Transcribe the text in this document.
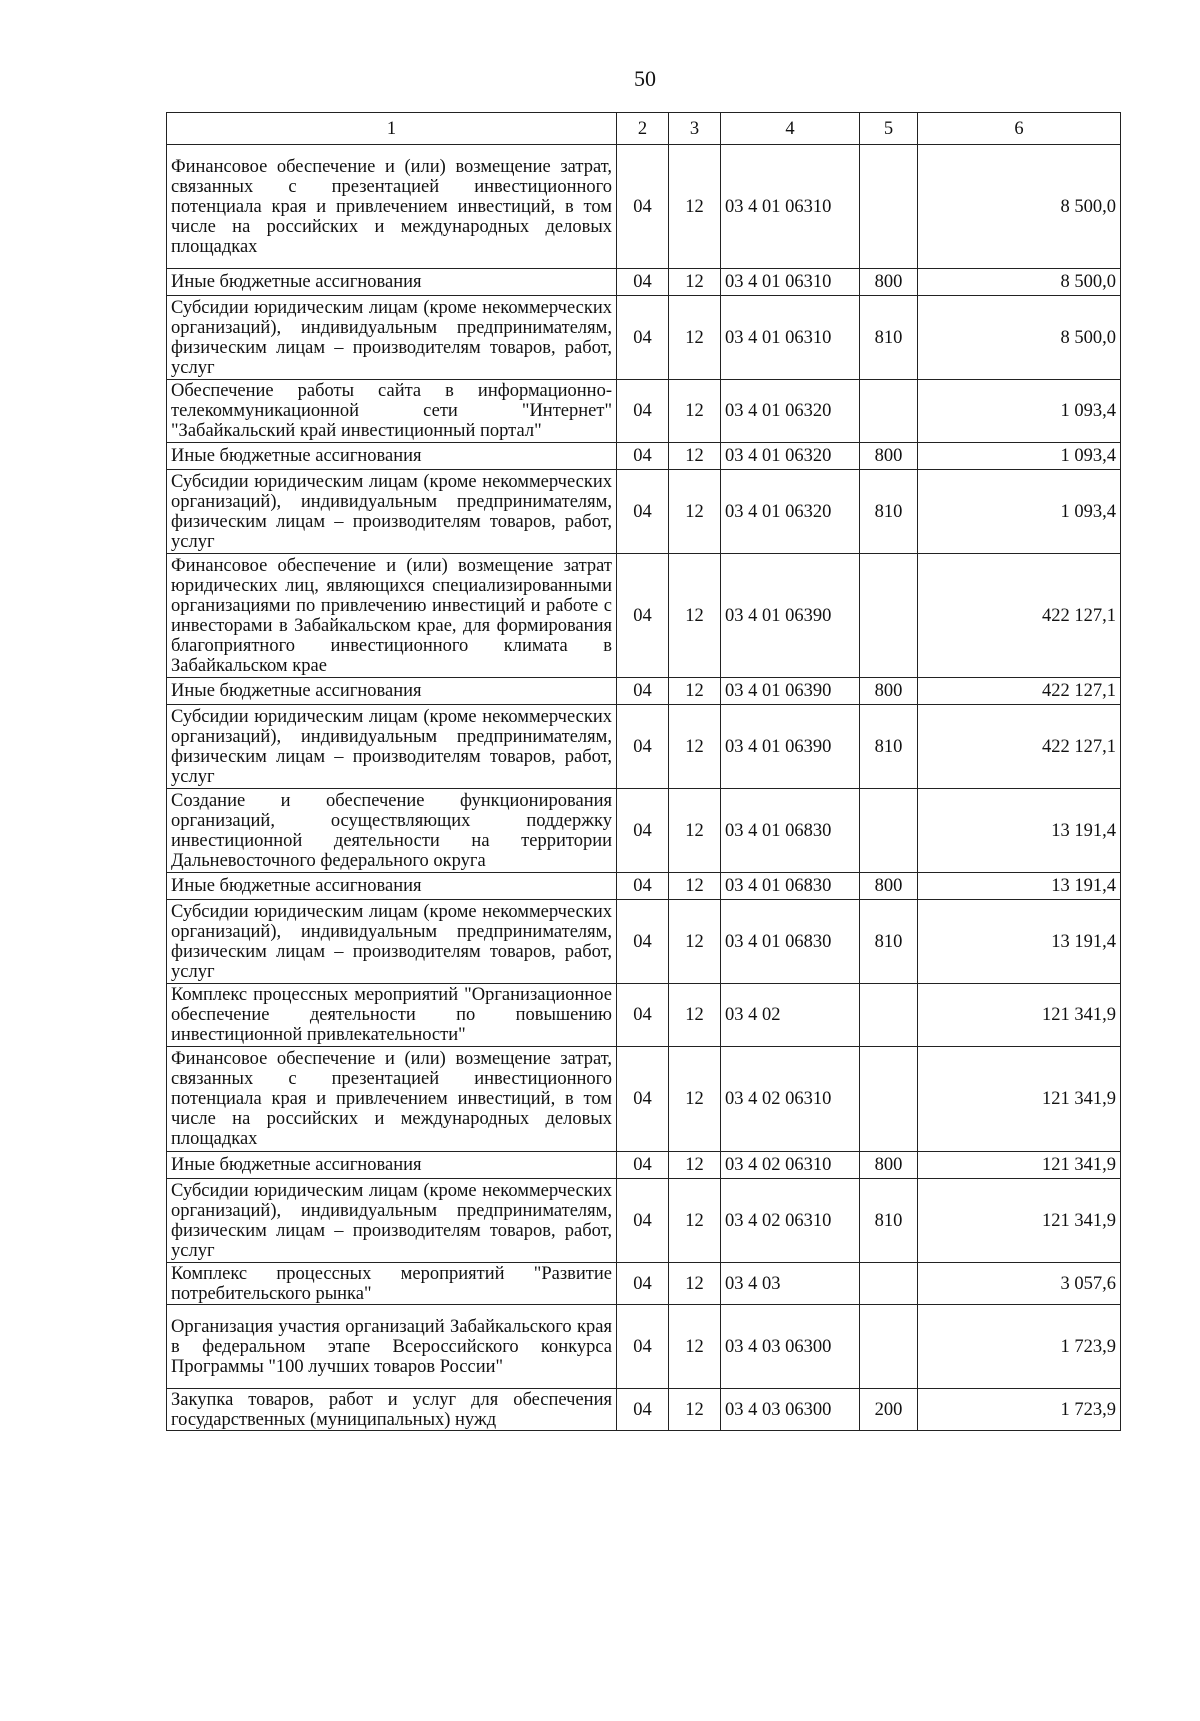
50
1	2	3	4	5	6
Финансовое обеспечение и (или) возмещение затрат, связанных с презентацией инвестиционного потенциала края и привлечением инвестиций, в том числе на российских и международных деловых площадках	04	12	03 4 01 06310		8 500,0
Иные бюджетные ассигнования	04	12	03 4 01 06310	800	8 500,0
Субсидии юридическим лицам (кроме некоммерческих организаций), индивидуальным предпринимателям, физическим лицам – производителям товаров, работ, услуг	04	12	03 4 01 06310	810	8 500,0
Обеспечение работы сайта в информационно-телекоммуникационной сети "Интернет" "Забайкальский край инвестиционный портал"	04	12	03 4 01 06320		1 093,4
Иные бюджетные ассигнования	04	12	03 4 01 06320	800	1 093,4
Субсидии юридическим лицам (кроме некоммерческих организаций), индивидуальным предпринимателям, физическим лицам – производителям товаров, работ, услуг	04	12	03 4 01 06320	810	1 093,4
Финансовое обеспечение и (или) возмещение затрат юридических лиц, являющихся специализированными организациями по привлечению инвестиций и работе с инвесторами в Забайкальском крае, для формирования благоприятного инвестиционного климата в Забайкальском крае	04	12	03 4 01 06390		422 127,1
Иные бюджетные ассигнования	04	12	03 4 01 06390	800	422 127,1
Субсидии юридическим лицам (кроме некоммерческих организаций), индивидуальным предпринимателям, физическим лицам – производителям товаров, работ, услуг	04	12	03 4 01 06390	810	422 127,1
Создание и обеспечение функционирования организаций, осуществляющих поддержку инвестиционной деятельности на территории Дальневосточного федерального округа	04	12	03 4 01 06830		13 191,4
Иные бюджетные ассигнования	04	12	03 4 01 06830	800	13 191,4
Субсидии юридическим лицам (кроме некоммерческих организаций), индивидуальным предпринимателям, физическим лицам – производителям товаров, работ, услуг	04	12	03 4 01 06830	810	13 191,4
Комплекс процессных мероприятий "Организационное обеспечение деятельности по повышению инвестиционной привлекательности"	04	12	03 4 02		121 341,9
Финансовое обеспечение и (или) возмещение затрат, связанных с презентацией инвестиционного потенциала края и привлечением инвестиций, в том числе на российских и международных деловых площадках	04	12	03 4 02 06310		121 341,9
Иные бюджетные ассигнования	04	12	03 4 02 06310	800	121 341,9
Субсидии юридическим лицам (кроме некоммерческих организаций), индивидуальным предпринимателям, физическим лицам – производителям товаров, работ, услуг	04	12	03 4 02 06310	810	121 341,9
Комплекс процессных мероприятий "Развитие потребительского рынка"	04	12	03 4 03		3 057,6
Организация участия организаций Забайкальского края в федеральном этапе Всероссийского конкурса Программы "100 лучших товаров России"	04	12	03 4 03 06300		1 723,9
Закупка товаров, работ и услуг для обеспечения государственных (муниципальных) нужд	04	12	03 4 03 06300	200	1 723,9
